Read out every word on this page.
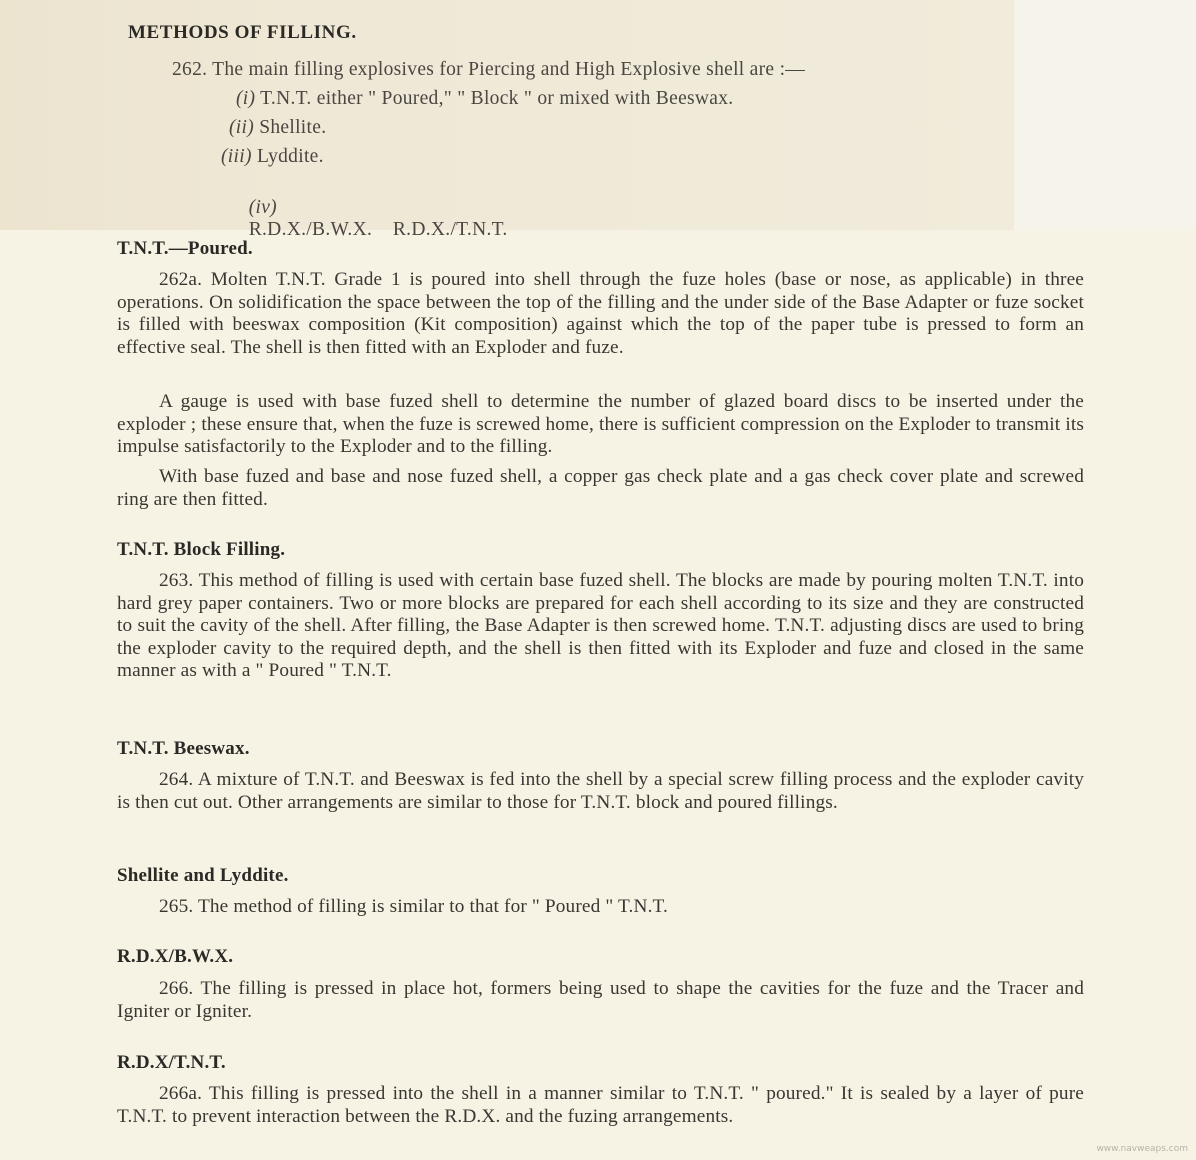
METHODS OF FILLING.
262. The main filling explosives for Piercing and High Explosive shell are :—
(i) T.N.T. either " Poured," " Block " or mixed with Beeswax.
(ii) Shellite.
(iii) Lyddite.

(iv)
R.D.X./B.W.X.    R.D.X./T.N.T.

T.N.T.—Poured.
262a. Molten T.N.T. Grade 1 is poured into shell through the fuze holes (base or nose, as applicable) in three operations. On solidification the space between the top of the filling and the under side of the Base Adapter or fuze socket is filled with beeswax composition (Kit composition) against which the top of the paper tube is pressed to form an effective seal. The shell is then fitted with an Exploder and fuze.
A gauge is used with base fuzed shell to determine the number of glazed board discs to be inserted under the exploder ; these ensure that, when the fuze is screwed home, there is sufficient compression on the Exploder to transmit its impulse satisfactorily to the Exploder and to the filling.
With base fuzed and base and nose fuzed shell, a copper gas check plate and a gas check cover plate and screwed ring are then fitted.
T.N.T. Block Filling.
263. This method of filling is used with certain base fuzed shell. The blocks are made by pouring molten T.N.T. into hard grey paper containers. Two or more blocks are prepared for each shell according to its size and they are constructed to suit the cavity of the shell. After filling, the Base Adapter is then screwed home. T.N.T. adjusting discs are used to bring the exploder cavity to the required depth, and the shell is then fitted with its Exploder and fuze and closed in the same manner as with a " Poured " T.N.T.
T.N.T. Beeswax.
264. A mixture of T.N.T. and Beeswax is fed into the shell by a special screw filling process and the exploder cavity is then cut out. Other arrangements are similar to those for T.N.T. block and poured fillings.
Shellite and Lyddite.
265. The method of filling is similar to that for " Poured " T.N.T.
R.D.X/B.W.X.
266. The filling is pressed in place hot, formers being used to shape the cavities for the fuze and the Tracer and Igniter or Igniter.
R.D.X/T.N.T.
266a. This filling is pressed into the shell in a manner similar to T.N.T. " poured." It is sealed by a layer of pure T.N.T. to prevent interaction between the R.D.X. and the fuzing arrangements.
www.navweaps.com
